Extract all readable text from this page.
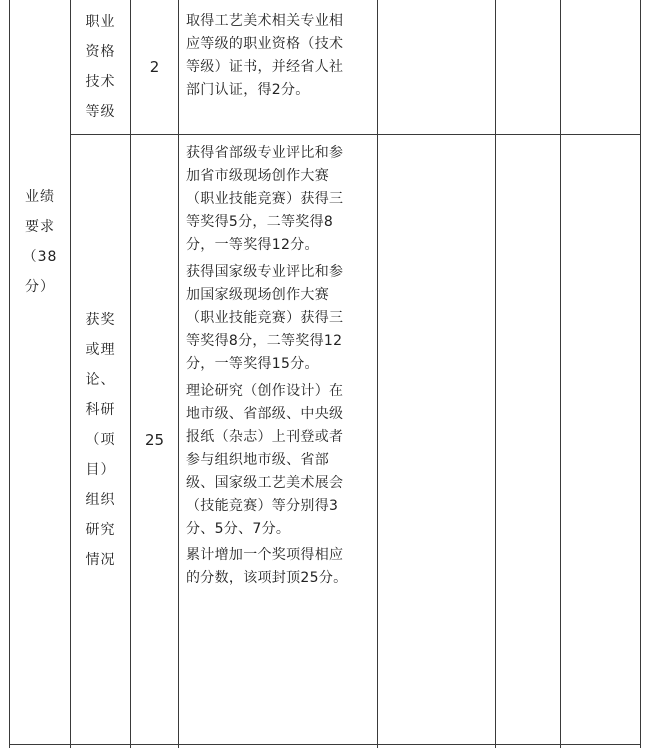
业绩
要求
（38
分）
职业
资格
技术
等级
2
取得工艺美术相关专业相
应等级的职业资格（技术
等级）证书，并经省人社
部门认证，得2分。
获奖
或理
论、
科研
（项
目）
组织
研究
情况
25
获得省部级专业评比和参
加省市级现场创作大赛
（职业技能竞赛）获得三
等奖得5分，二等奖得8
分，一等奖得12分。
获得国家级专业评比和参
加国家级现场创作大赛
（职业技能竞赛）获得三
等奖得8分，二等奖得12
分，一等奖得15分。
理论研究（创作设计）在
地市级、省部级、中央级
报纸（杂志）上刊登或者
参与组织地市级、省部
级、国家级工艺美术展会
（技能竞赛）等分别得3
分、5分、7分。
累计增加一个奖项得相应
的分数，该项封顶25分。
